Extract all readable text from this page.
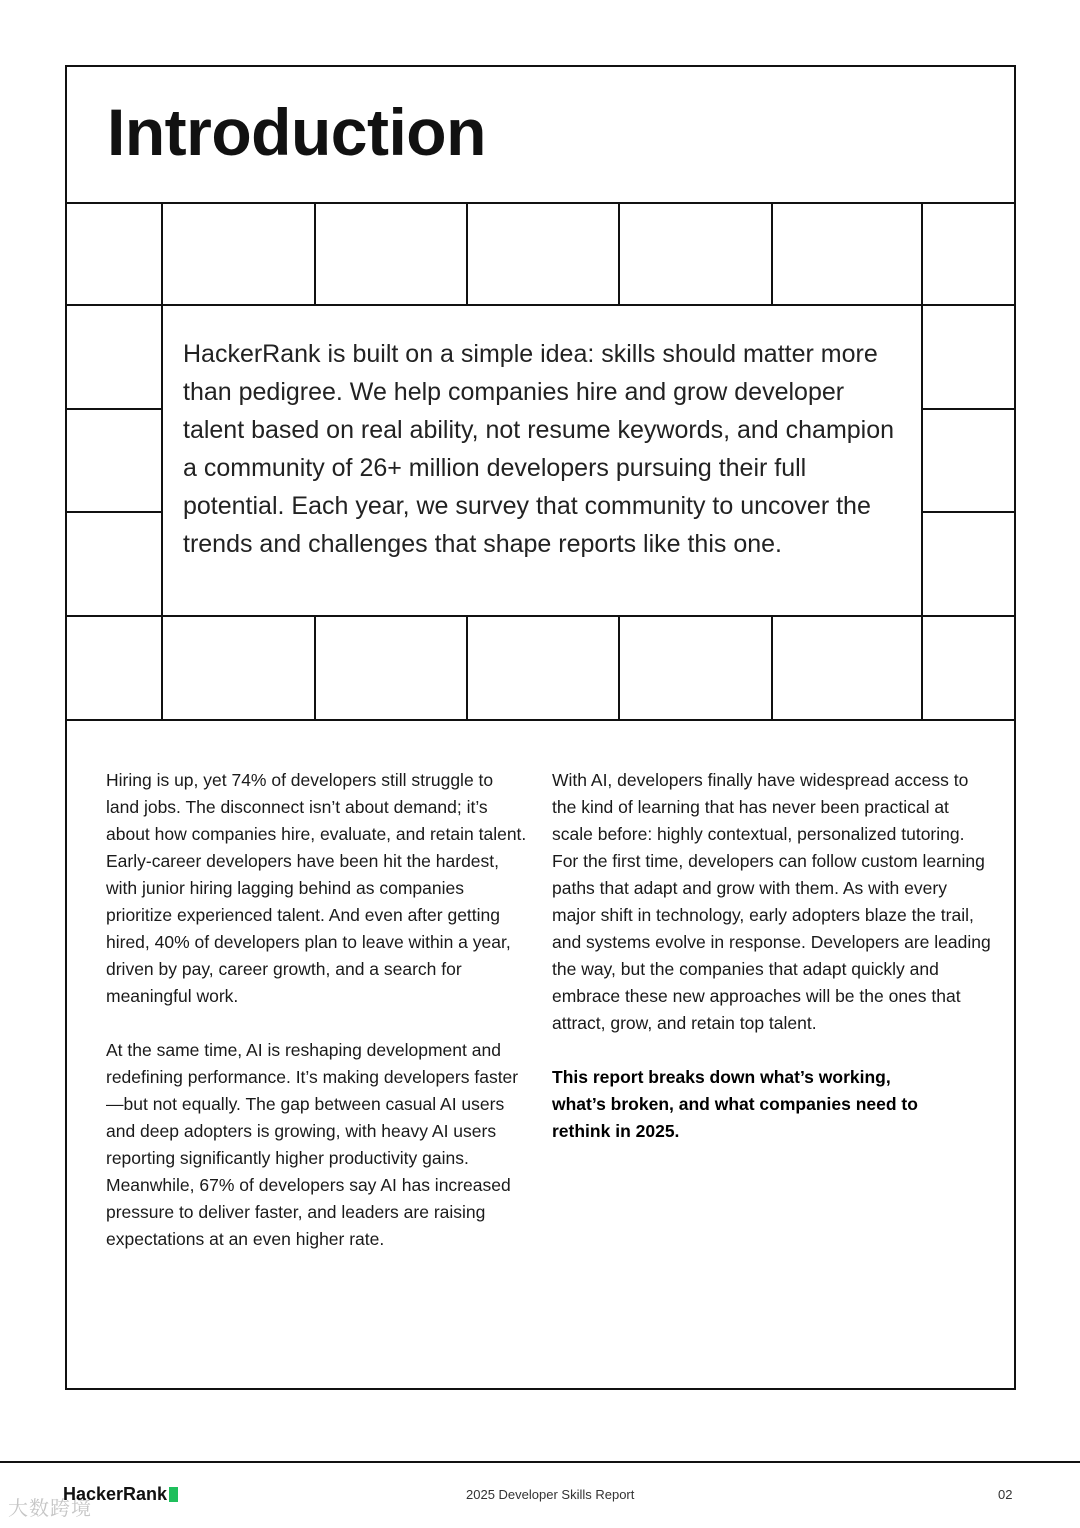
Introduction

HackerRank is built on a simple idea: skills should matter more than pedigree. We help companies hire and grow developer talent based on real ability, not resume keywords, and champion a community of 26+ million developers pursuing their full potential. Each year, we survey that community to uncover the trends and challenges that shape reports like this one.

Hiring is up, yet 74% of developers still struggle to land jobs. The disconnect isn’t about demand; it’s about how companies hire, evaluate, and retain talent. Early-career developers have been hit the hardest, with junior hiring lagging behind as companies prioritize experienced talent. And even after getting hired, 40% of developers plan to leave within a year, driven by pay, career growth, and a search for meaningful work.

At the same time, AI is reshaping development and redefining performance. It’s making developers faster—but not equally. The gap between casual AI users and deep adopters is growing, with heavy AI users reporting significantly higher productivity gains. Meanwhile, 67% of developers say AI has increased pressure to deliver faster, and leaders are raising expectations at an even higher rate.

With AI, developers finally have widespread access to the kind of learning that has never been practical at scale before: highly contextual, personalized tutoring. For the first time, developers can follow custom learning paths that adapt and grow with them. As with every major shift in technology, early adopters blaze the trail, and systems evolve in response. Developers are leading the way, but the companies that adapt quickly and embrace these new approaches will be the ones that attract, grow, and retain top talent.

This report breaks down what’s working, what’s broken, and what companies need to rethink in 2025.

大数跨境
HackerRank	2025 Developer Skills Report	02
